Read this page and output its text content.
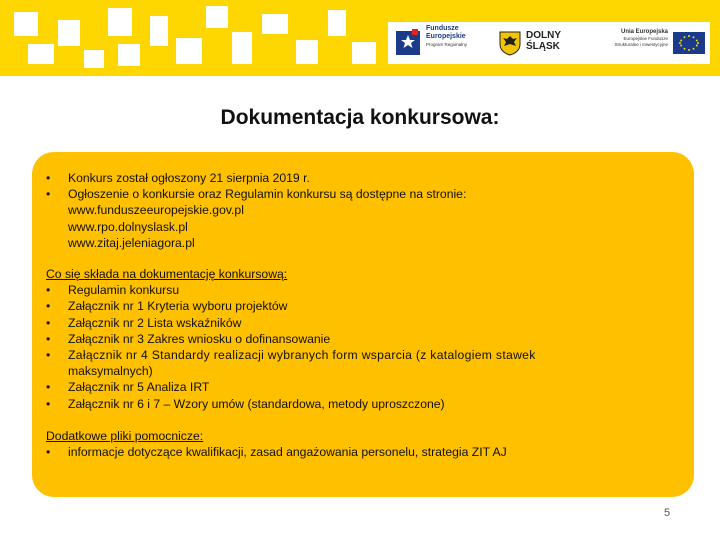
Fundusze
Europejskie
Program Regionalny
DOLNY
ŚLĄSK
Unia Europejska
Europejskie Fundusze
Strukturalne i Inwestycyjne
Dokumentacja konkursowa:
• Konkurs został ogłoszony 21 sierpnia 2019 r.
• Ogłoszenie o konkursie oraz Regulamin konkursu są dostępne na stronie:
www.funduszeeuropejskie.gov.pl
www.rpo.dolnyslask.pl
www.zitaj.jeleniagora.pl
Co się składa na dokumentację konkursową:
• Regulamin konkursu
• Załącznik nr 1 Kryteria wyboru projektów
• Załącznik nr 2 Lista wskaźników
• Załącznik nr 3 Zakres wniosku o dofinansowanie
• Załącznik nr 4 Standardy realizacji wybranych form wsparcia (z katalogiem stawek
maksymalnych)
• Załącznik nr 5 Analiza IRT
• Załącznik nr 6 i 7 – Wzory umów (standardowa, metody uproszczone)
Dodatkowe pliki pomocnicze:
• informacje dotyczące kwalifikacji, zasad angażowania personelu, strategia ZIT AJ
5
